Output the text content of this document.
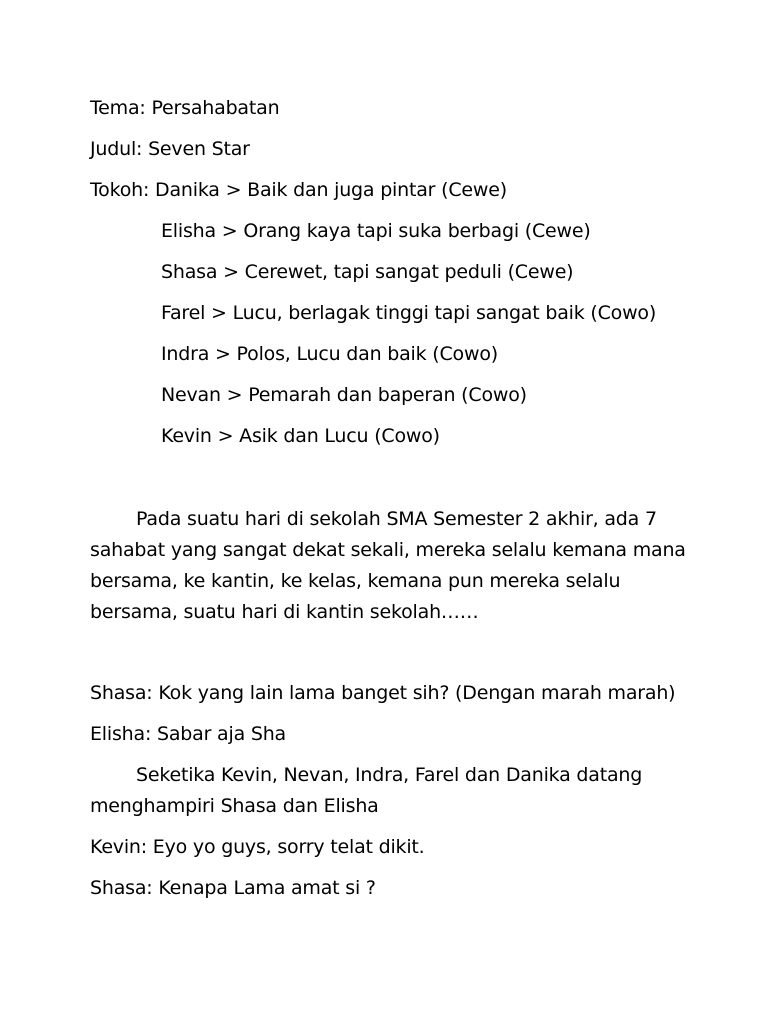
Tema: Persahabatan
Judul: Seven Star
Tokoh: Danika > Baik dan juga pintar (Cewe)
Elisha > Orang kaya tapi suka berbagi (Cewe)
Shasa > Cerewet, tapi sangat peduli (Cewe)
Farel > Lucu, berlagak tinggi tapi sangat baik (Cowo)
Indra > Polos, Lucu dan baik (Cowo)
Nevan > Pemarah dan baperan (Cowo)
Kevin > Asik dan Lucu (Cowo)
Pada suatu hari di sekolah SMA Semester 2 akhir, ada 7
sahabat yang sangat dekat sekali, mereka selalu kemana mana
bersama, ke kantin, ke kelas, kemana pun mereka selalu
bersama, suatu hari di kantin sekolah……
Shasa: Kok yang lain lama banget sih? (Dengan marah marah)
Elisha: Sabar aja Sha
Seketika Kevin, Nevan, Indra, Farel dan Danika datang
menghampiri Shasa dan Elisha
Kevin: Eyo yo guys, sorry telat dikit.
Shasa: Kenapa Lama amat si ?
